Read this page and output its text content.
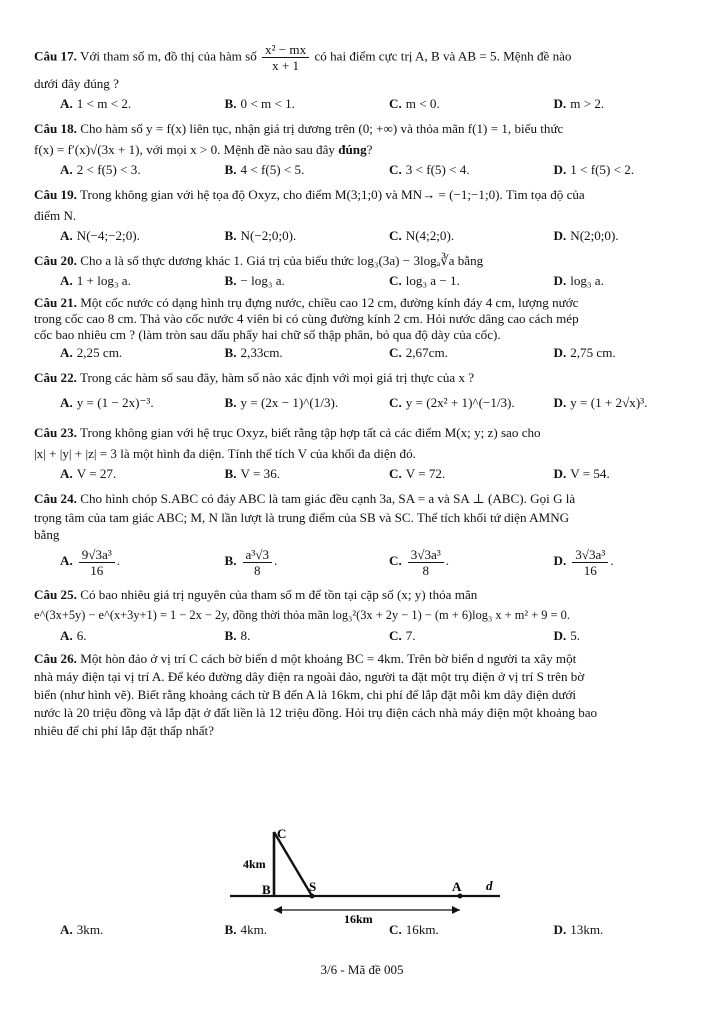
Câu 17. Với tham số m, đồ thị của hàm số $\frac{\text{x² − mx}}{x + 1}$ có hai điểm cực trị A, B và AB = 5. Mệnh đề nào

dưới đây đúng ?

A. 1 < m < 2.	B. 0 < m < 1.	C. m < 0.	D. m > 2.

Câu 18. Cho hàm số y = f(x) liên tục, nhận giá trị dương trên (0; +∞) và thỏa mãn f(1) = 1, biểu thức

f(x) = f′(x)√(3x + 1), với mọi x > 0. Mệnh đề nào sau đây đúng?

A. 2 < f(5) < 3.	B. 4 < f(5) < 5.	C. 3 < f(5) < 4.	D. 1 < f(5) < 2.

Câu 19. Trong không gian với hệ tọa độ Oxyz, cho điểm M(3;1;0) và MN→ = (−1;−1;0). Tìm tọa độ của

điểm N.

A. N(−4;−2;0).	B. N(−2;0;0).	C. N(4;2;0).	D. N(2;0;0).

Câu 20. Cho a là số thực dương khác 1. Giá trị của biểu thức log₃(3a) − 3logₐ∛a bằng

A. 1 + log₃ a.	B. − log₃ a.	C. log₃ a − 1.	D. log₃ a.

Câu 21. Một cốc nước có dạng hình trụ đựng nước, chiều cao 12 cm, đường kính đáy 4 cm, lượng nước

trong cốc cao 8 cm. Thả vào cốc nước 4 viên bi có cùng đường kính 2 cm. Hỏi nước dâng cao cách mép

cốc bao nhiêu cm ? (làm tròn sau dấu phẩy hai chữ số thập phân, bỏ qua độ dày của cốc).

A. 2,25 cm.	B. 2,33cm.	C. 2,67cm.	D. 2,75 cm.

Câu 22. Trong các hàm số sau đây, hàm số nào xác định với mọi giá trị thực của x ?

A. y = (1 − 2x)⁻³.	B. y = (2x − 1)^(1/3).	C. y = (2x² + 1)^(−1/3).	D. y = (1 + 2√x)³.

Câu 23. Trong không gian với hệ trục Oxyz, biết rằng tập hợp tất cả các điểm M(x; y; z) sao cho

|x| + |y| + |z| = 3 là một hình đa diện. Tính thể tích V của khối đa diện đó.

A. V = 27.	B. V = 36.	C. V = 72.	D. V = 54.

Câu 24. Cho hình chóp S.ABC có đáy ABC là tam giác đều cạnh 3a, SA = a và SA ⊥ (ABC). Gọi G là

trọng tâm của tam giác ABC; M, N lần lượt là trung điểm của SB và SC. Thể tích khối tứ diện AMNG

bằng

A. $\frac{\text{9√3a³}}{16}$ .	B. $\frac{\text{a³√3}}{8}$ .	C. $\frac{\text{3√3a³}}{8}$ .	D. $\frac{\text{3√3a³}}{16}$ .

Câu 25. Có bao nhiêu giá trị nguyên của tham số m để tồn tại cặp số (x; y) thỏa mãn

e^(3x+5y) − e^(x+3y+1) = 1 − 2x − 2y, đồng thời thỏa mãn log₃²(3x + 2y − 1) − (m + 6)log₃ x + m² + 9 = 0.

A. 6.	B. 8.	C. 7.	D. 5.

Câu 26. Một hòn đảo ở vị trí C cách bờ biển d một khoảng BC = 4km. Trên bờ biển d người ta xây một

nhà máy điện tại vị trí A. Để kéo đường dây điện ra ngoài đảo, người ta đặt một trụ điện ở vị trí S trên bờ

biển (như hình vẽ). Biết rằng khoảng cách từ B đến A là 16km, chi phí để lắp đặt mỗi km dây điện dưới

nước là 20 triệu đồng và lắp đặt ở đất liền là 12 triệu đồng. Hỏi trụ điện cách nhà máy điện một khoảng bao

nhiêu để chi phí lắp đặt thấp nhất?

C
4km
B	S	A d
16km
A. 3km.	B. 4km.	C. 16km.	D. 13km.
3/6 - Mã đề 005
